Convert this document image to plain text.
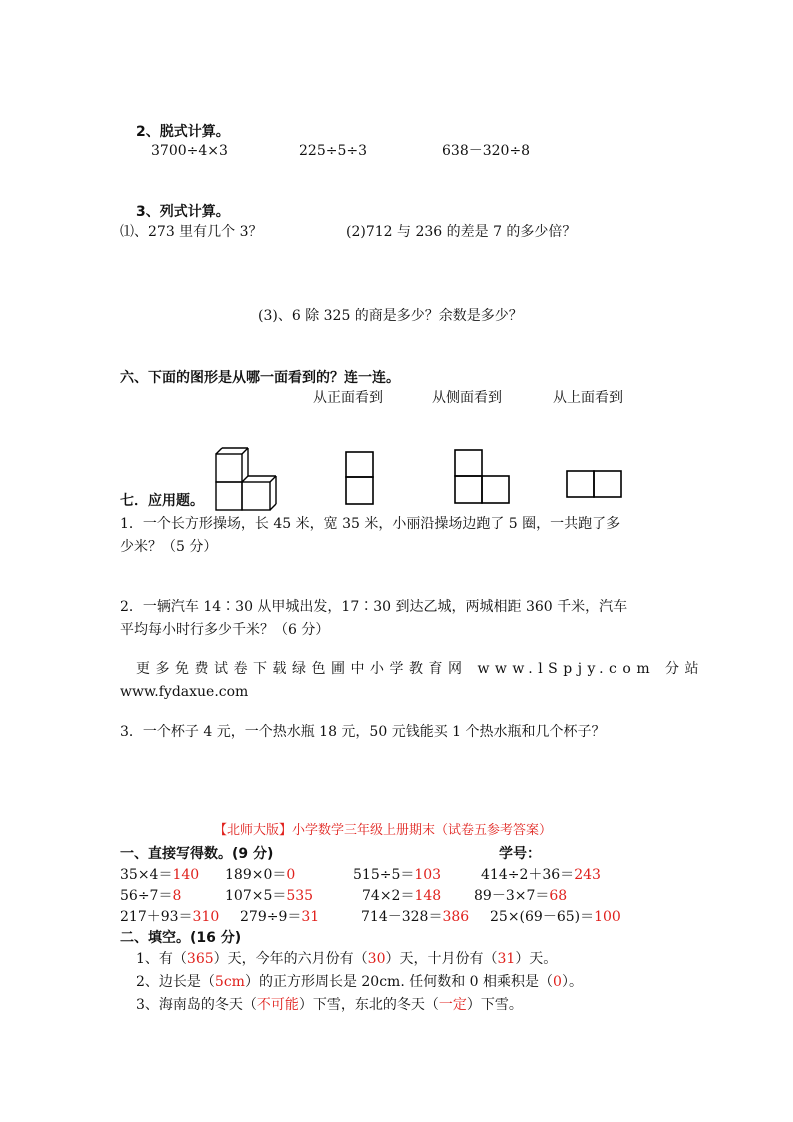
2、脱式计算。
3700÷4×3	225÷5÷3	638－320÷8
3、列式计算。
⑴、273 里有几个 3？	(2)712 与 236 的差是 7 的多少倍？
(3)、6 除 325 的商是多少？余数是多少？
六、下面的图形是从哪一面看到的？连一连。
从正面看到	从侧面看到	从上面看到
七．应用题。
1．一个长方形操场，长 45 米，宽 35 米，小丽沿操场边跑了 5 圈，一共跑了多
少米？（5 分）
2．一辆汽车 14∶30 从甲城出发，17∶30 到达乙城，两城相距 360 千米，汽车
平均每小时行多少千米？（6 分）
更多免费试卷下载绿色圃中小学教育网 www.lSpjy.com 分站
www.fydaxue.com
3．一个杯子 4 元，一个热水瓶 18 元，50 元钱能买 1 个热水瓶和几个杯子？
【北师大版】小学数学三年级上册期末（试卷五参考答案）
一、直接写得数。(9 分)	学号：
35×4＝140 189×0＝0	515÷5＝103	414÷2＋36＝243
56÷7＝8	107×5＝535	74×2＝148 89－3×7＝68
217＋93＝310 279÷9＝31	714－328＝386 25×(69－65)＝100
二、填空。(16 分)
1、有（365）天，今年的六月份有（30）天，十月份有（31）天。
2、边长是（5cm）的正方形周长是 20cm. 任何数和 0 相乘积是（0）。
3、海南岛的冬天（不可能）下雪，东北的冬天（一定）下雪。
